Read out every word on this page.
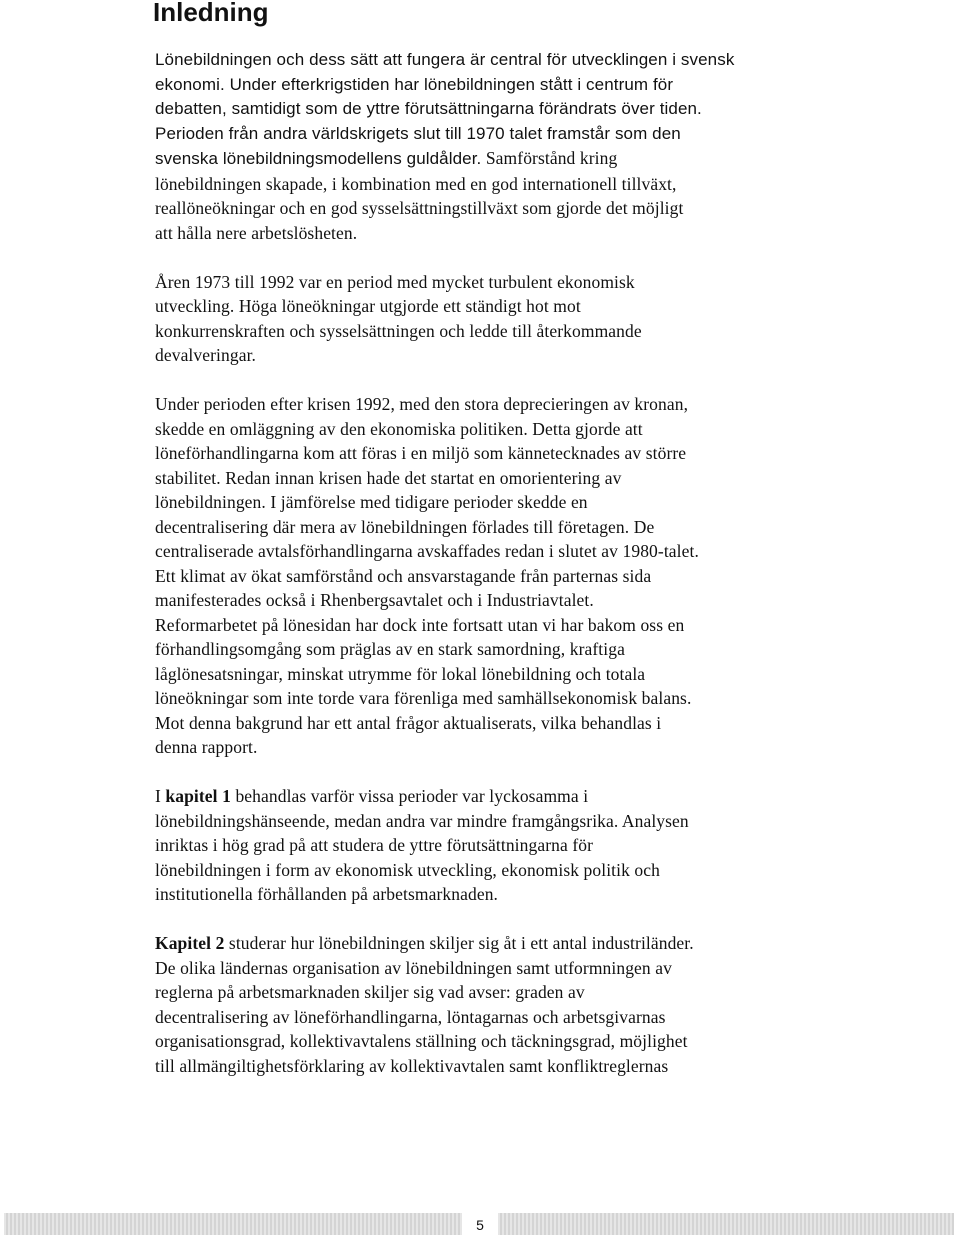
Inledning

Lönebildningen och dess sätt att fungera är central för utvecklingen i svensk
ekonomi. Under efterkrigstiden har lönebildningen stått i centrum för
debatten, samtidigt som de yttre förutsättningarna förändrats över tiden.
Perioden från andra världskrigets slut till 1970 talet framstår som den
svenska lönebildningsmodellens guldålder. Samförstånd kring
lönebildningen skapade, i kombination med en god internationell tillväxt,
reallöneökningar och en god sysselsättningstillväxt som gjorde det möjligt
att hålla nere arbetslösheten.

Åren 1973 till 1992 var en period med mycket turbulent ekonomisk
utveckling. Höga löneökningar utgjorde ett ständigt hot mot
konkurrenskraften och sysselsättningen och ledde till återkommande
devalveringar.

Under perioden efter krisen 1992, med den stora deprecieringen av kronan,
skedde en omläggning av den ekonomiska politiken. Detta gjorde att
löneförhandlingarna kom att föras i en miljö som kännetecknades av större
stabilitet. Redan innan krisen hade det startat en omorientering av
lönebildningen. I jämförelse med tidigare perioder skedde en
decentralisering där mera av lönebildningen förlades till företagen. De
centraliserade avtalsförhandlingarna avskaffades redan i slutet av 1980-talet.
Ett klimat av ökat samförstånd och ansvarstagande från parternas sida
manifesterades också i Rhenbergsavtalet och i Industriavtalet.
Reformarbetet på lönesidan har dock inte fortsatt utan vi har bakom oss en
förhandlingsomgång som präglas av en stark samordning, kraftiga
låglönesatsningar, minskat utrymme för lokal lönebildning och totala
löneökningar som inte torde vara förenliga med samhällsekonomisk balans.
Mot denna bakgrund har ett antal frågor aktualiserats, vilka behandlas i
denna rapport.

I kapitel 1 behandlas varför vissa perioder var lyckosamma i
lönebildningshänseende, medan andra var mindre framgångsrika. Analysen
inriktas i hög grad på att studera de yttre förutsättningarna för
lönebildningen i form av ekonomisk utveckling, ekonomisk politik och
institutionella förhållanden på arbetsmarknaden.

Kapitel 2 studerar hur lönebildningen skiljer sig åt i ett antal industriländer.
De olika ländernas organisation av lönebildningen samt utformningen av
reglerna på arbetsmarknaden skiljer sig vad avser: graden av
decentralisering av löneförhandlingarna, löntagarnas och arbetsgivarnas
organisationsgrad, kollektivavtalens ställning och täckningsgrad, möjlighet
till allmängiltighetsförklaring av kollektivavtalen samt konfliktreglernas

5
